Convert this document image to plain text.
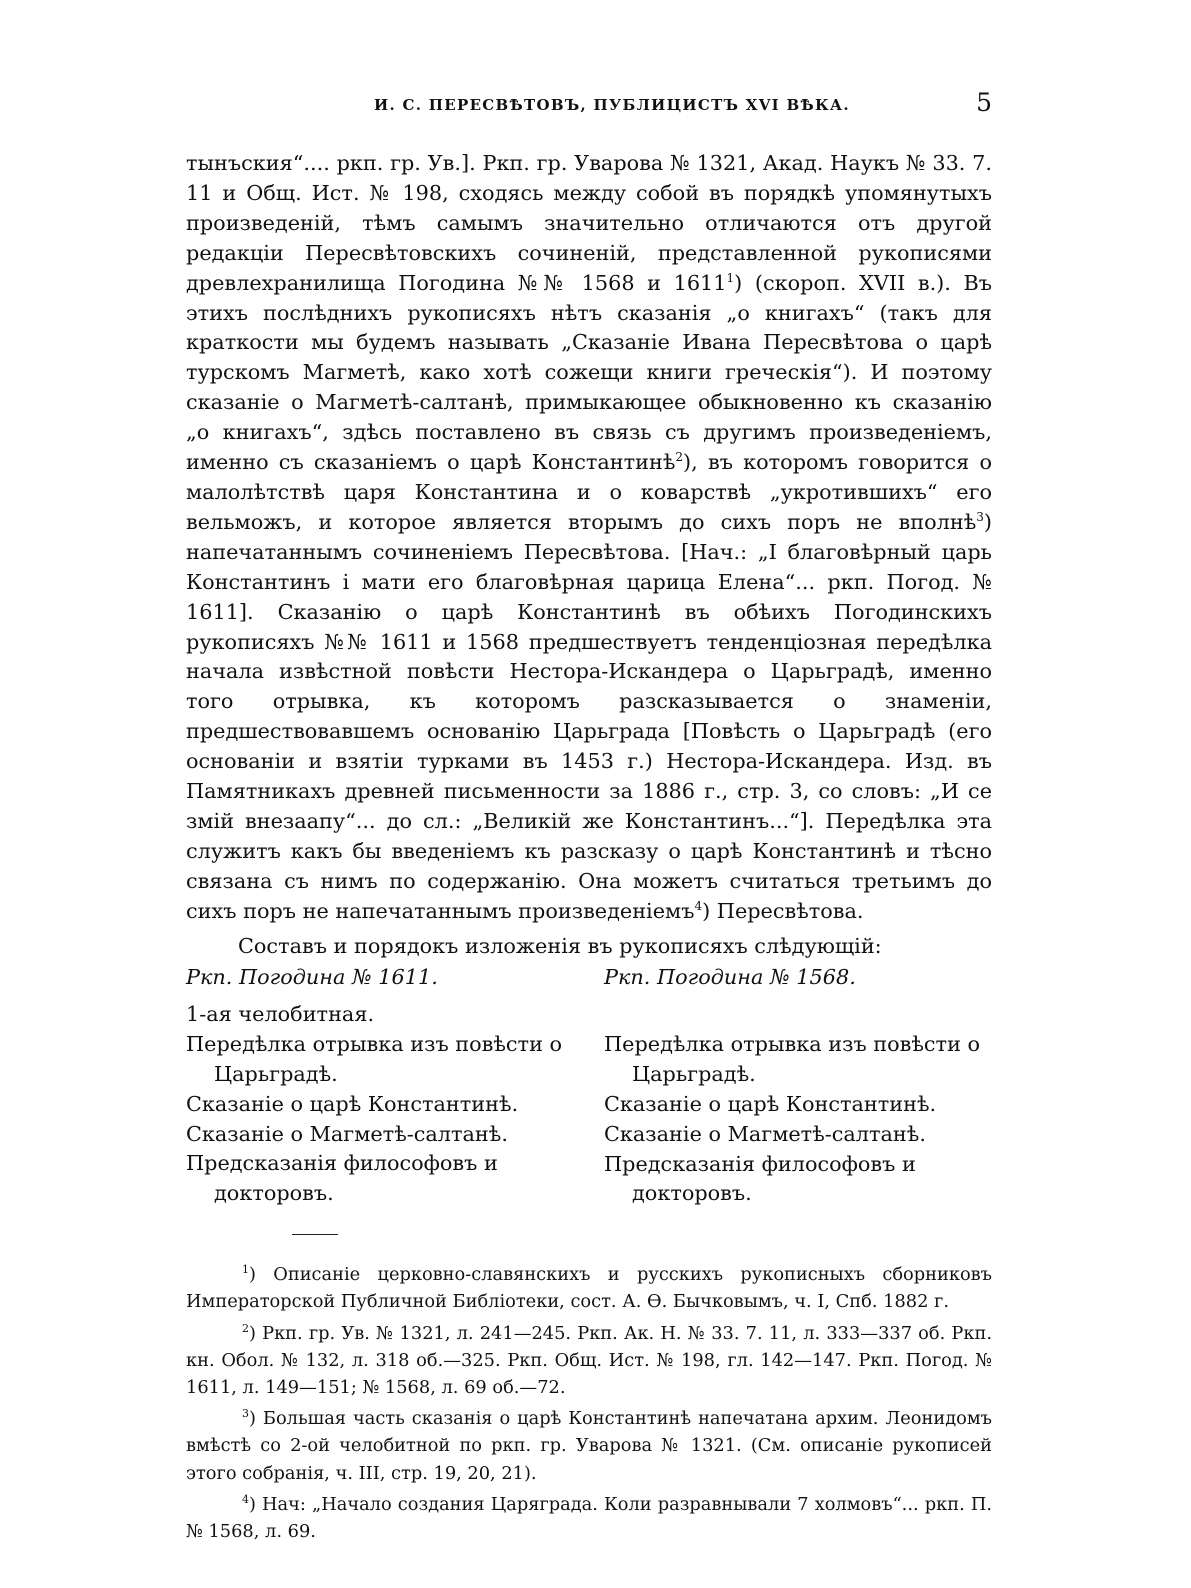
И. С. ПЕРЕСВѢТОВЪ, ПУБЛИЦИСТЪ XVI ВѢКА.	5

тынъския“.... ркп. гр. Ув.]. Ркп. гр. Уварова № 1321, Акад. Наукъ № 33. 7. 11 и Общ. Ист. № 198, сходясь между собой въ порядкѣ упомянутыхъ произведеній, тѣмъ самымъ значительно отличаются отъ другой редакціи Пересвѣтовскихъ сочиненій, представленной рукописями древлехранилища Погодина №№ 1568 и 1611$^1$) (скороп. XVII в.). Въ этихъ послѣднихъ рукописяхъ нѣтъ сказанія „о книгахъ“ (такъ для краткости мы будемъ называть „Сказаніе Ивана Пересвѣтова о царѣ турскомъ Магметѣ, како хотѣ сожещи книги греческія“). И поэтому сказаніе о Магметѣ-салтанѣ, примыкающее обыкновенно къ сказанію „о книгахъ“, здѣсь поставлено въ связь съ другимъ произведеніемъ, именно съ сказаніемъ о царѣ Константинѣ$^2$), въ которомъ говорится о малолѣтствѣ царя Константина и о коварствѣ „укротившихъ“ его вельможъ, и которое является вторымъ до сихъ поръ не вполнѣ$^3$) напечатаннымъ сочиненіемъ Пересвѣтова. [Нач.: „І благовѣрный царь Константинъ і мати его благовѣрная царица Елена“... ркп. Погод. № 1611]. Сказанію о царѣ Константинѣ въ обѣихъ Погодинскихъ рукописяхъ №№ 1611 и 1568 предшествуетъ тенденціозная передѣлка начала извѣстной повѣсти Нестора-Искандера о Царьградѣ, именно того отрывка, къ которомъ разсказывается о знаменіи, предшествовавшемъ основанію Царьграда [Повѣсть о Царьградѣ (его основаніи и взятіи турками въ 1453 г.) Нестора-Искандера. Изд. въ Памятникахъ древней письменности за 1886 г., стр. 3, со словъ: „И се змій внезаапу“... до сл.: „Великій же Константинъ...“]. Передѣлка эта служитъ какъ бы введеніемъ къ разсказу о царѣ Константинѣ и тѣсно связана съ нимъ по содержанію. Она можетъ считаться третьимъ до сихъ поръ не напечатаннымъ произведеніемъ$^4$) Пересвѣтова.

Составъ и порядокъ изложенія въ рукописяхъ слѣдующій:

Ркп. Погодина № 1611.
1-ая челобитная.
Передѣлка отрывка изъ повѣсти о Царьградѣ.
Сказаніе о царѣ Константинѣ.
Сказаніе о Магметѣ-салтанѣ.
Предсказанія философовъ и докторовъ.
Ркп. Погодина № 1568.
Передѣлка отрывка изъ повѣсти о Царьградѣ.
Сказаніе о царѣ Константинѣ.
Сказаніе о Магметѣ-салтанѣ.
Предсказанія философовъ и докторовъ.

$^1$) Описаніе церковно-славянскихъ и русскихъ рукописныхъ сборниковъ Императорской Публичной Библіотеки, сост. А. Ѳ. Бычковымъ, ч. I, Спб. 1882 г.

$^2$) Ркп. гр. Ув. № 1321, л. 241—245. Ркп. Ак. Н. № 33. 7. 11, л. 333—337 об. Ркп. кн. Обол. № 132, л. 318 об.—325. Ркп. Общ. Ист. № 198, гл. 142—147. Ркп. Погод. № 1611, л. 149—151; № 1568, л. 69 об.—72.

$^3$) Большая часть сказанія о царѣ Константинѣ напечатана архим. Леонидомъ вмѣстѣ со 2-ой челобитной по ркп. гр. Уварова № 1321. (См. описаніе рукописей этого собранія, ч. III, стр. 19, 20, 21).

$^4$) Нач: „Начало создания Царяграда. Коли разравнывали 7 холмовъ“... ркп. П. № 1568, л. 69.
